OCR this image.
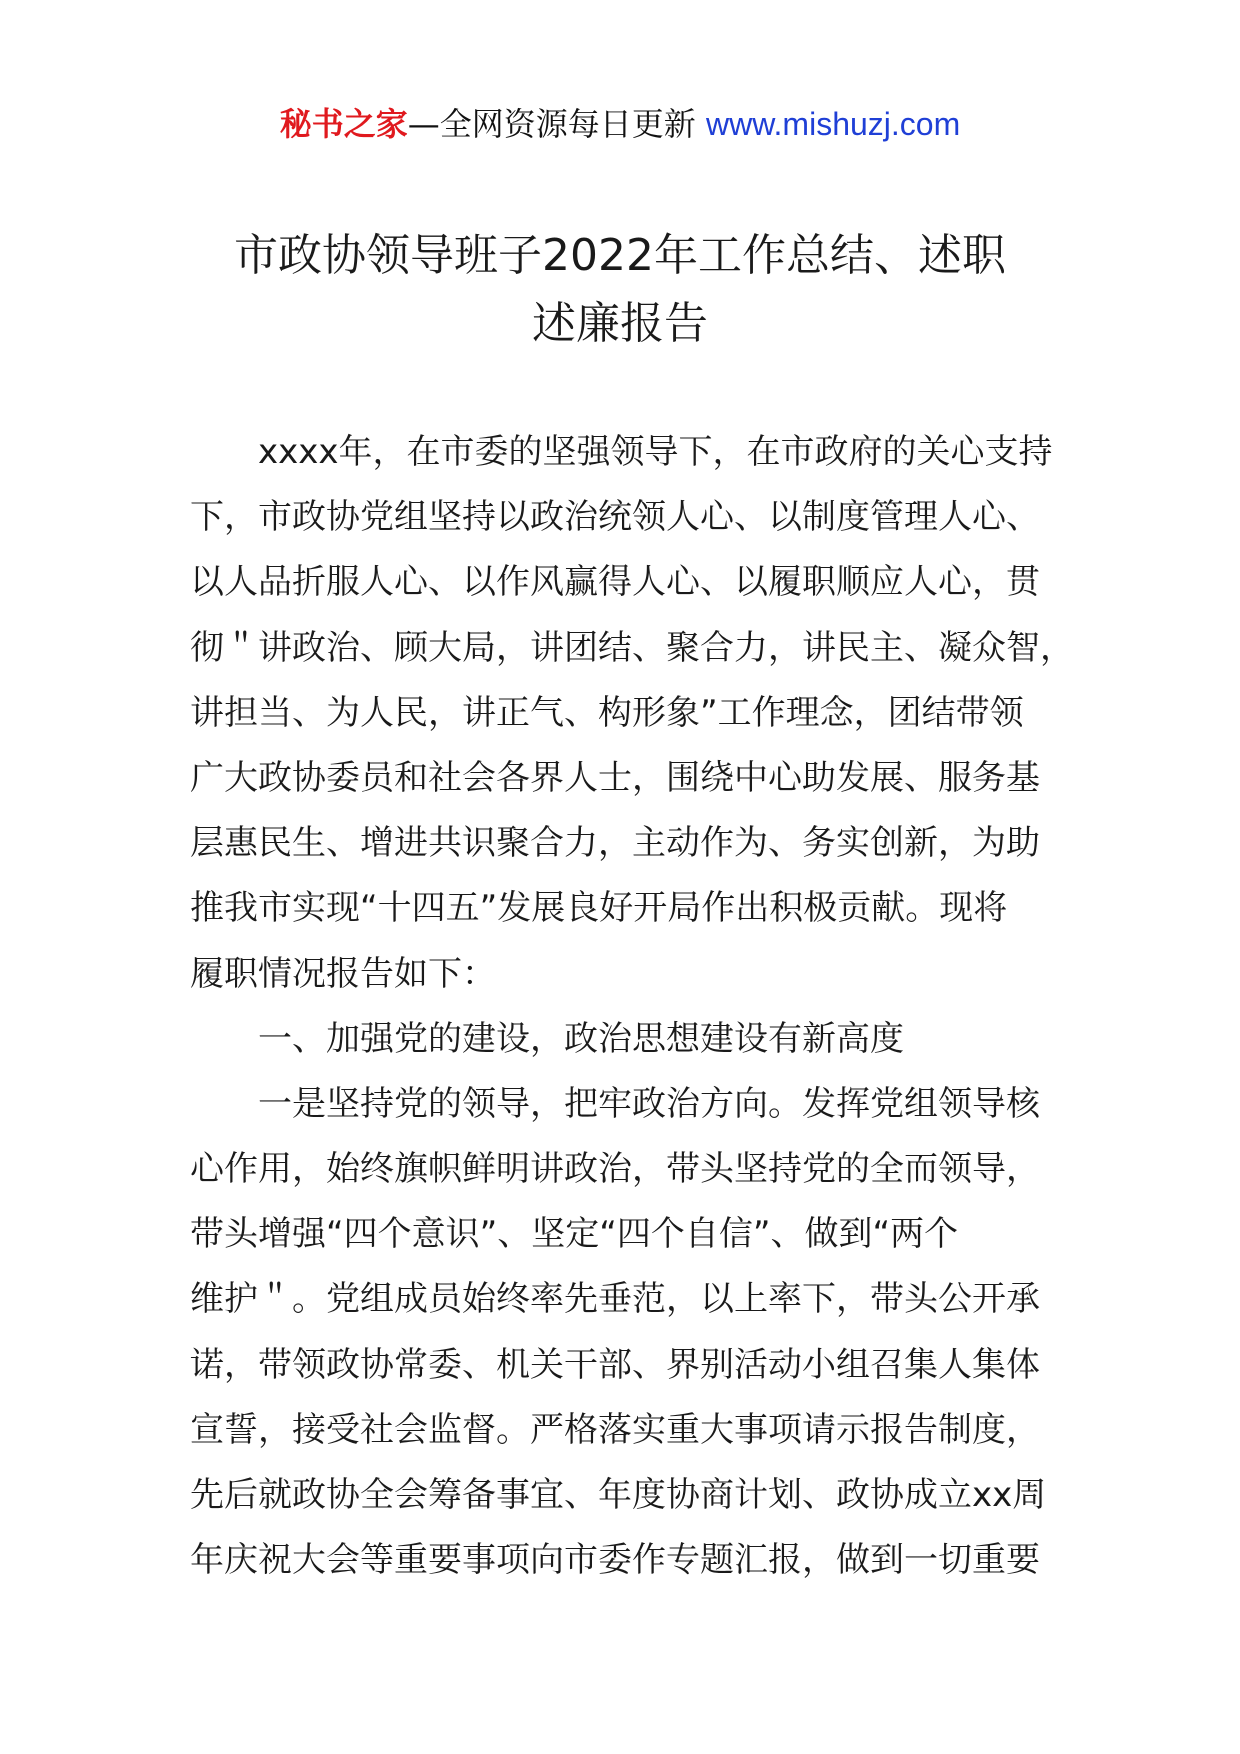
秘书之家—全网资源每日更新 www.mishuzj.com
市政协领导班子2022年工作总结、述职
述廉报告
　　xxxx年，在市委的坚强领导下，在市政府的关心支持
下，市政协党组坚持以政治统领人心、以制度管理人心、
以人品折服人心、以作风赢得人心、以履职顺应人心，贯
彻＂讲政治、顾大局，讲团结、聚合力，讲民主、凝众智，
讲担当、为人民，讲正气、构形象”工作理念，团结带领
广大政协委员和社会各界人士，围绕中心助发展、服务基
层惠民生、增进共识聚合力，主动作为、务实创新，为助
推我市实现“十四五”发展良好开局作出积极贡献。现将
履职情况报告如下：
　　一、加强党的建设，政治思想建设有新高度
　　一是坚持党的领导，把牢政治方向。发挥党组领导核
心作用，始终旗帜鲜明讲政治，带头坚持党的全而领导，
带头增强“四个意识”、坚定“四个自信”、做到“两个
维护＂。党组成员始终率先垂范，以上率下，带头公开承
诺，带领政协常委、机关干部、界别活动小组召集人集体
宣誓，接受社会监督。严格落实重大事项请示报告制度，
先后就政协全会筹备事宜、年度协商计划、政协成立xx周
年庆祝大会等重要事项向市委作专题汇报，做到一切重要
